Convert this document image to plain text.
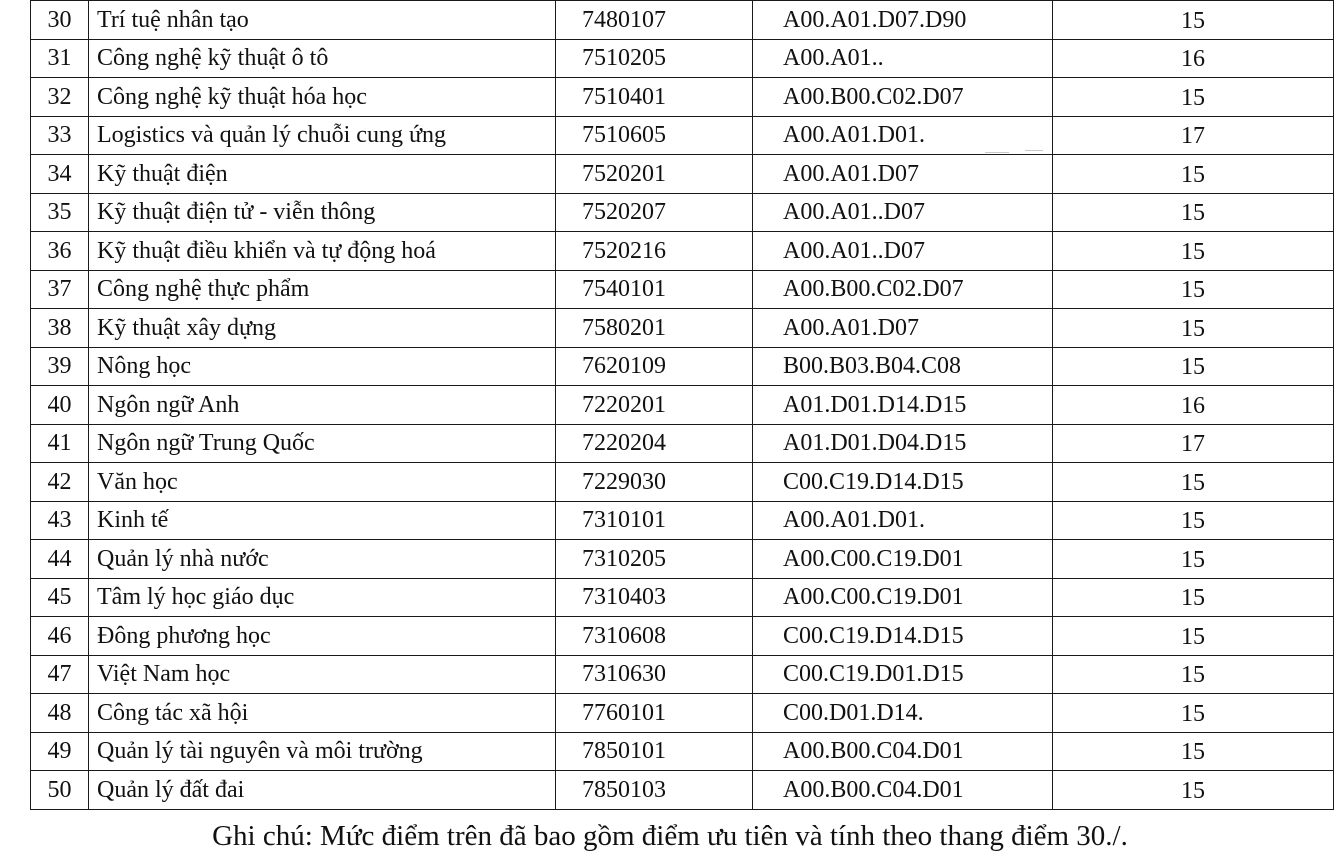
30	Trí tuệ nhân tạo	7480107	A00.A01.D07.D90	15
31	Công nghệ kỹ thuật ô tô	7510205	A00.A01..	16
32	Công nghệ kỹ thuật hóa học	7510401	A00.B00.C02.D07	15
33	Logistics và quản lý chuỗi cung ứng	7510605	A00.A01.D01.	17
34	Kỹ thuật điện	7520201	A00.A01.D07	15
35	Kỹ thuật điện tử - viễn thông	7520207	A00.A01..D07	15
36	Kỹ thuật điều khiển và tự động hoá	7520216	A00.A01..D07	15
37	Công nghệ thực phẩm	7540101	A00.B00.C02.D07	15
38	Kỹ thuật xây dựng	7580201	A00.A01.D07	15
39	Nông học	7620109	B00.B03.B04.C08	15
40	Ngôn ngữ Anh	7220201	A01.D01.D14.D15	16
41	Ngôn ngữ Trung Quốc	7220204	A01.D01.D04.D15	17
42	Văn học	7229030	C00.C19.D14.D15	15
43	Kinh tế	7310101	A00.A01.D01.	15
44	Quản lý nhà nước	7310205	A00.C00.C19.D01	15
45	Tâm lý học giáo dục	7310403	A00.C00.C19.D01	15
46	Đông phương học	7310608	C00.C19.D14.D15	15
47	Việt Nam học	7310630	C00.C19.D01.D15	15
48	Công tác xã hội	7760101	C00.D01.D14.	15
49	Quản lý tài nguyên và môi trường	7850101	A00.B00.C04.D01	15
50	Quản lý đất đai	7850103	A00.B00.C04.D01	15
Ghi chú: Mức điểm trên đã bao gồm điểm ưu tiên và tính theo thang điểm 30./.
